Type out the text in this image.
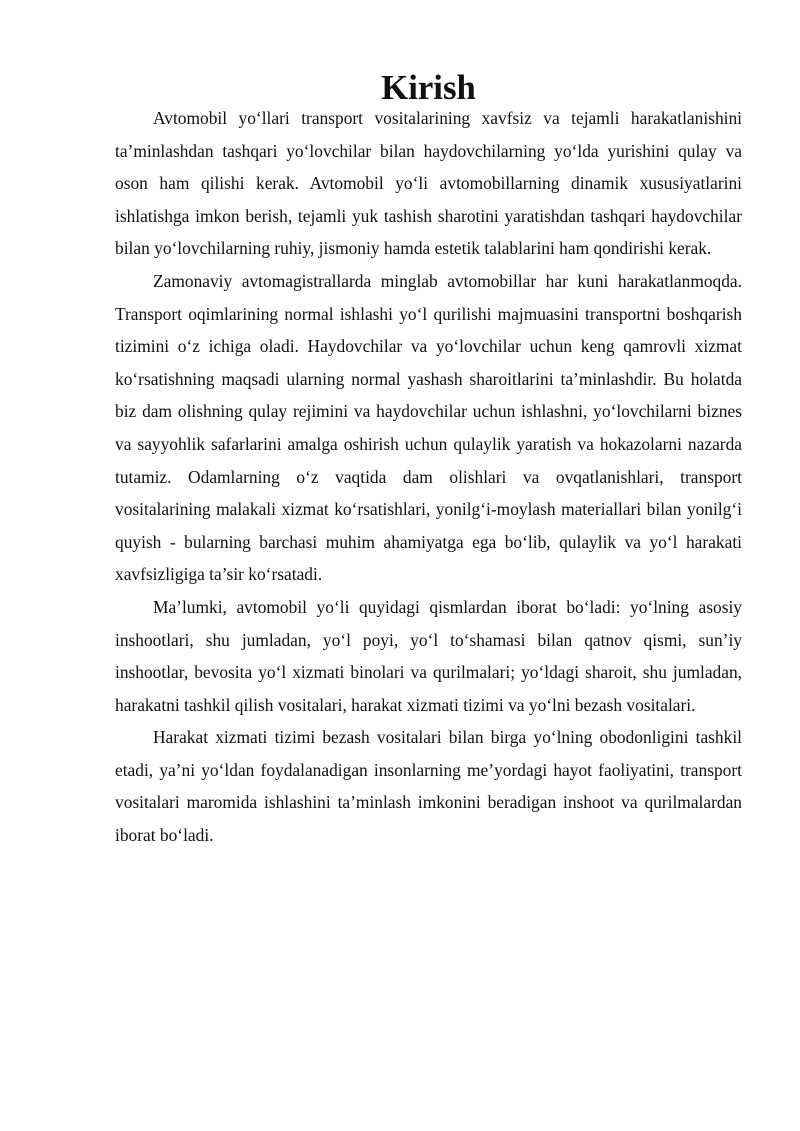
Kirish

Avtomobil yo‘llari transport vositalarining xavfsiz va tejamli harakatlanishini ta’minlashdan tashqari yo‘lovchilar bilan haydovchilarning yo‘lda yurishini qulay va oson ham qilishi kerak. Avtomobil yo‘li avtomobillarning dinamik xususiyatlarini ishlatishga imkon berish, tejamli yuk tashish sharotini yaratishdan tashqari haydovchilar bilan yo‘lovchilarning ruhiy, jismoniy hamda estetik talablarini ham qondirishi kerak.

Zamonaviy avtomagistrallarda minglab avtomobillar har kuni harakatlanmoqda. Transport oqimlarining normal ishlashi yo‘l qurilishi majmuasini transportni boshqarish tizimini o‘z ichiga oladi. Haydovchilar va yo‘lovchilar uchun keng qamrovli xizmat ko‘rsatishning maqsadi ularning normal yashash sharoitlarini ta’minlashdir. Bu holatda biz dam olishning qulay rejimini va haydovchilar uchun ishlashni, yo‘lovchilarni biznes va sayyohlik safarlarini amalga oshirish uchun qulaylik yaratish va hokazolarni nazarda tutamiz. Odamlarning o‘z vaqtida dam olishlari va ovqatlanishlari, transport vositalarining malakali xizmat ko‘rsatishlari, yonilg‘i-moylash materiallari bilan yonilg‘i quyish - bularning barchasi muhim ahamiyatga ega bo‘lib, qulaylik va yo‘l harakati xavfsizligiga ta’sir ko‘rsatadi.

Ma’lumki, avtomobil yo‘li quyidagi qismlardan iborat bo‘ladi: yo‘lning asosiy inshootlari, shu jumladan, yo‘l poyi, yo‘l to‘shamasi bilan qatnov qismi, sun’iy inshootlar, bevosita yo‘l xizmati binolari va qurilmalari; yo‘ldagi sharoit, shu jumladan, harakatni tashkil qilish vositalari, harakat xizmati tizimi va yo‘lni bezash vositalari.

Harakat xizmati tizimi bezash vositalari bilan birga yo‘lning obodonligini tashkil etadi, ya’ni yo‘ldan foydalanadigan insonlarning me’yordagi hayot faoliyatini, transport vositalari maromida ishlashini ta’minlash imkonini beradigan inshoot va qurilmalardan iborat bo‘ladi.
